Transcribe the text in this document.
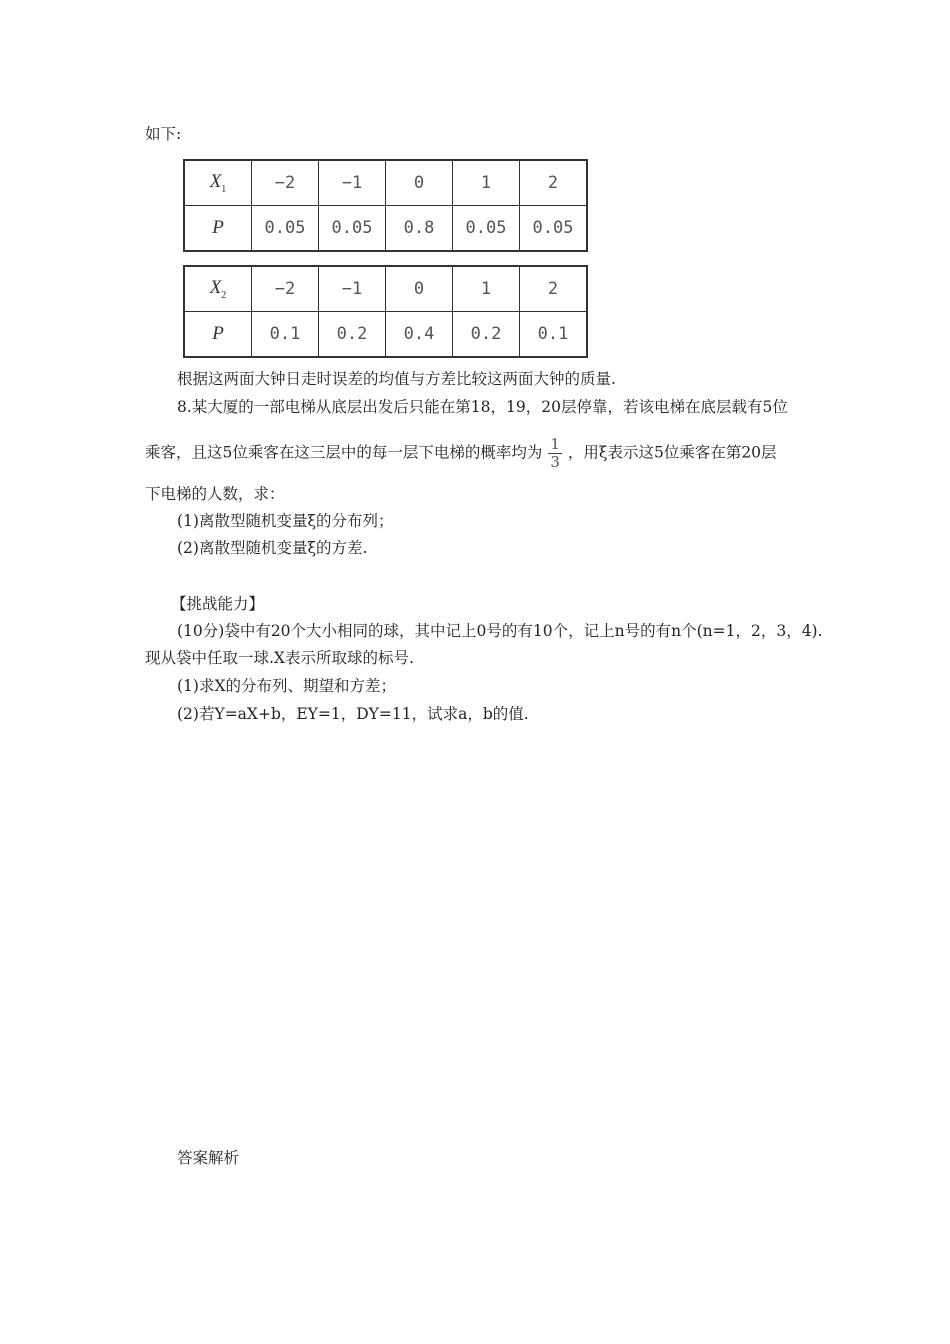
如下:
$X_1$	−2	−1	0	1	2
P	0.05	0.05	0.8	0.05	0.05
$X_2$	−2	−1	0	1	2
P	0.1	0.2	0.4	0.2	0.1
根据这两面大钟日走时误差的均值与方差比较这两面大钟的质量.
8.某大厦的一部电梯从底层出发后只能在第18，19，20层停靠，若该电梯在底层载有5位
乘客，且这5位乘客在这三层中的每一层下电梯的概率均为 $\frac{1}{3}$ ，用ξ表示这5位乘客在第20层
下电梯的人数，求：
(1)离散型随机变量ξ的分布列；
(2)离散型随机变量ξ的方差.
【挑战能力】
(10分)袋中有20个大小相同的球，其中记上0号的有10个，记上n号的有n个(n=1，2，3，4).
现从袋中任取一球.X表示所取球的标号.
(1)求X的分布列、期望和方差；
(2)若Y=aX+b，EY=1，DY=11，试求a，b的值.
答案解析
